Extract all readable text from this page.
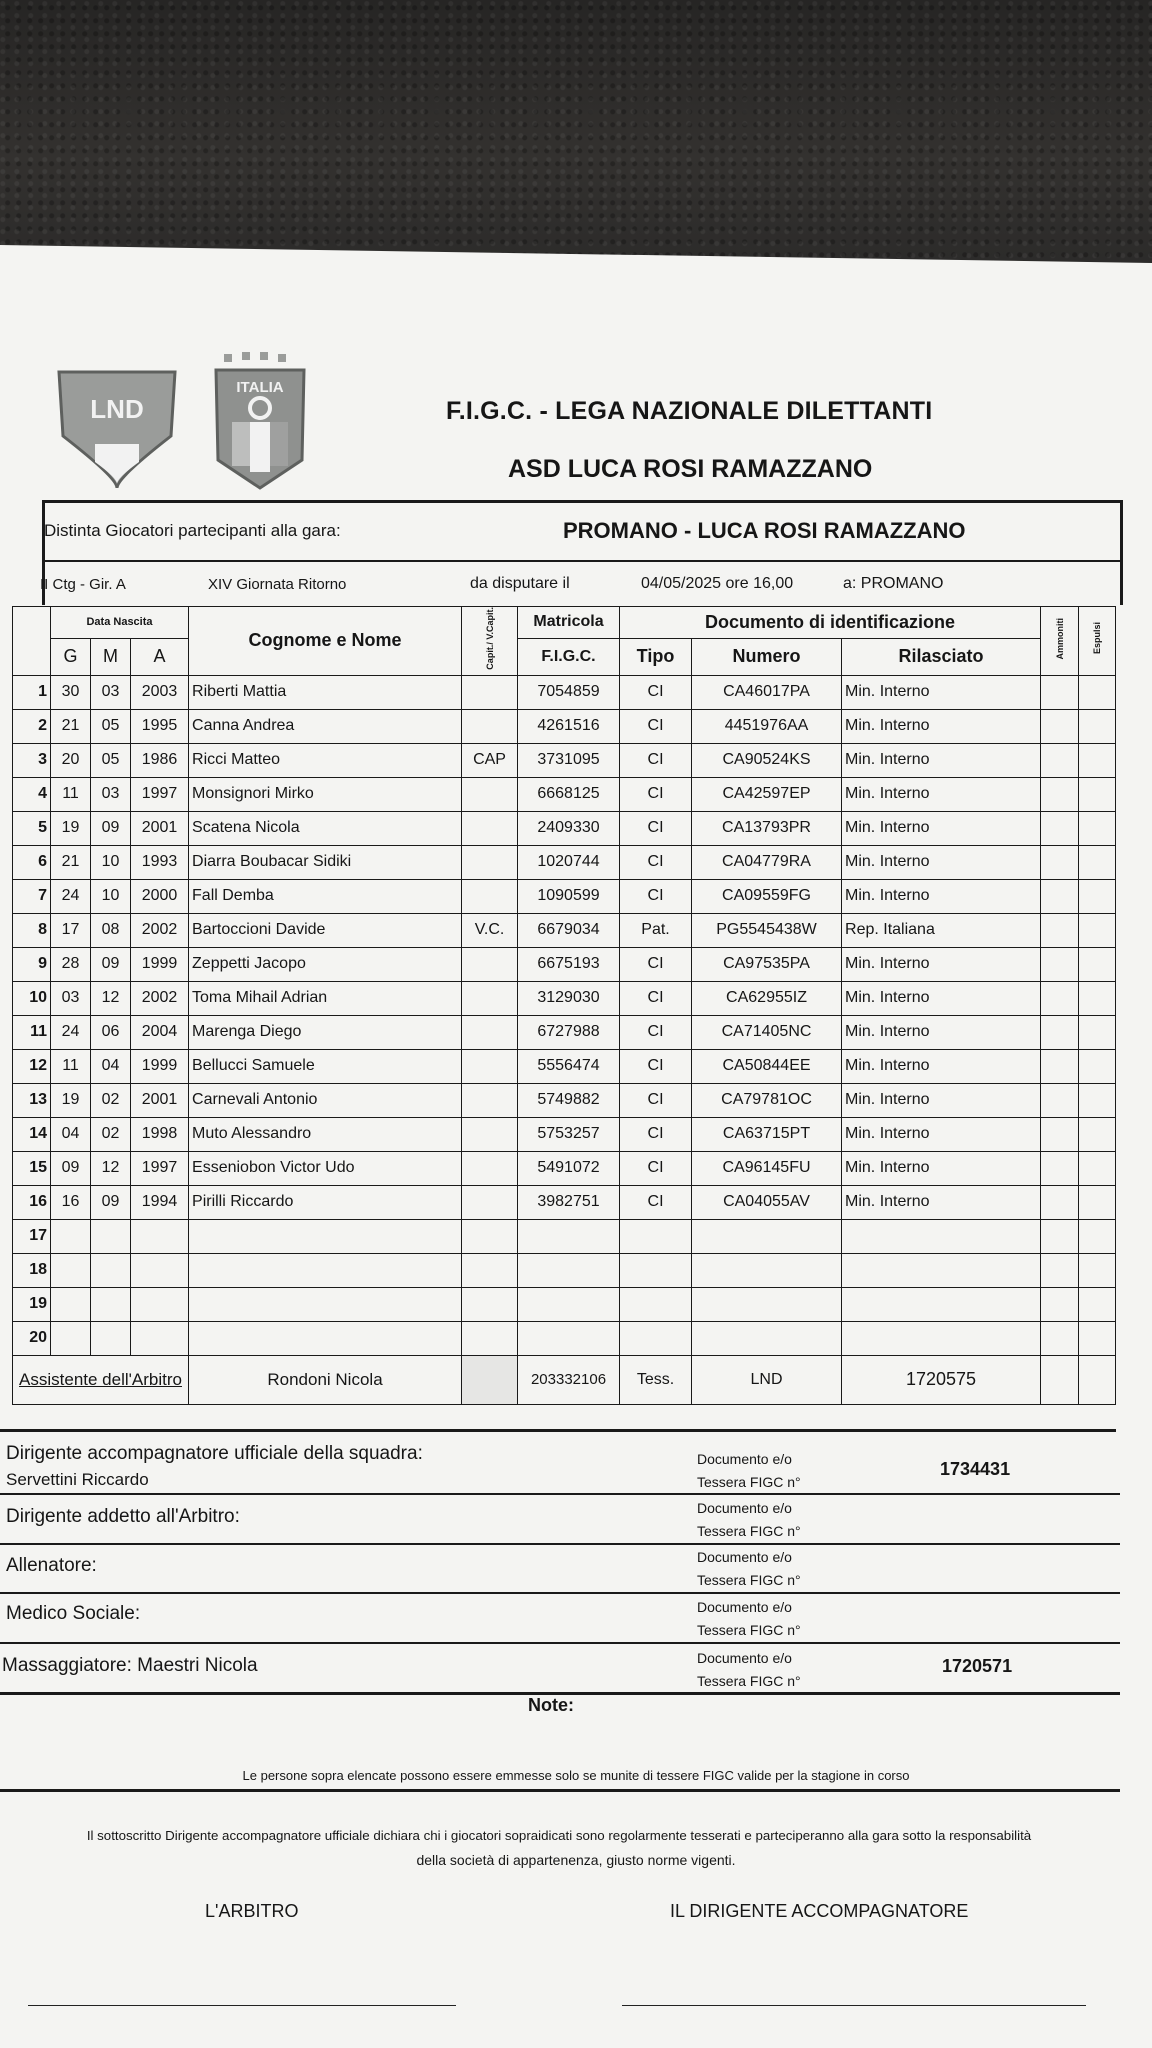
LND
ITALIA
F.I.G.C. - LEGA NAZIONALE DILETTANTI
ASD LUCA ROSI RAMAZZANO
Distinta Giocatori partecipanti alla gara:	PROMANO - LUCA ROSI RAMAZZANO
II Ctg - Gir. A	XIV Giornata Ritorno	da disputare il	04/05/2025 ore 16,00	a: PROMANO
	Data Nascita			Cognome e Nome	Capit./ V.Capit.	Matricola	Documento di identificazione			Ammoniti	Espulsi
	G	M	A			F.I.G.C.	Tipo	Numero	Rilasciato		
1	30	03	2003	Riberti Mattia		7054859	CI	CA46017PA	Min. Interno		
2	21	05	1995	Canna Andrea		4261516	CI	4451976AA	Min. Interno		
3	20	05	1986	Ricci Matteo	CAP	3731095	CI	CA90524KS	Min. Interno		
4	11	03	1997	Monsignori Mirko		6668125	CI	CA42597EP	Min. Interno		
5	19	09	2001	Scatena Nicola		2409330	CI	CA13793PR	Min. Interno		
6	21	10	1993	Diarra Boubacar Sidiki		1020744	CI	CA04779RA	Min. Interno		
7	24	10	2000	Fall Demba		1090599	CI	CA09559FG	Min. Interno		
8	17	08	2002	Bartoccioni Davide	V.C.	6679034	Pat.	PG5545438W	Rep. Italiana		
9	28	09	1999	Zeppetti Jacopo		6675193	CI	CA97535PA	Min. Interno		
10	03	12	2002	Toma Mihail Adrian		3129030	CI	CA62955IZ	Min. Interno		
11	24	06	2004	Marenga Diego		6727988	CI	CA71405NC	Min. Interno		
12	11	04	1999	Bellucci Samuele		5556474	CI	CA50844EE	Min. Interno		
13	19	02	2001	Carnevali Antonio		5749882	CI	CA79781OC	Min. Interno		
14	04	02	1998	Muto Alessandro		5753257	CI	CA63715PT	Min. Interno		
15	09	12	1997	Esseniobon Victor Udo		5491072	CI	CA96145FU	Min. Interno		
16	16	09	1994	Pirilli Riccardo		3982751	CI	CA04055AV	Min. Interno		
17											
18											
19											
20											
Assistente dell'Arbitro				Rondoni Nicola		203332106	Tess.	LND	1720575		
Dirigente accompagnatore ufficiale della squadra:
Servettini Riccardo
Documento e/o
Tessera FIGC n°
1734431
Dirigente addetto all'Arbitro:	Documento e/o
Tessera FIGC n°
Allenatore:	Documento e/o
Tessera FIGC n°
Medico Sociale:	Documento e/o
Tessera FIGC n°
Massaggiatore: Maestri Nicola	Documento e/o
Tessera FIGC n°
1720571
Note:
Le persone sopra elencate possono essere emmesse solo se munite di tessere FIGC valide per la stagione in corso
Il sottoscritto Dirigente accompagnatore ufficiale dichiara chi i giocatori sopraidicati sono regolarmente tesserati e parteciperanno alla gara sotto la responsabilità
della società di appartenenza, giusto norme vigenti.
L'ARBITRO	IL DIRIGENTE ACCOMPAGNATORE
